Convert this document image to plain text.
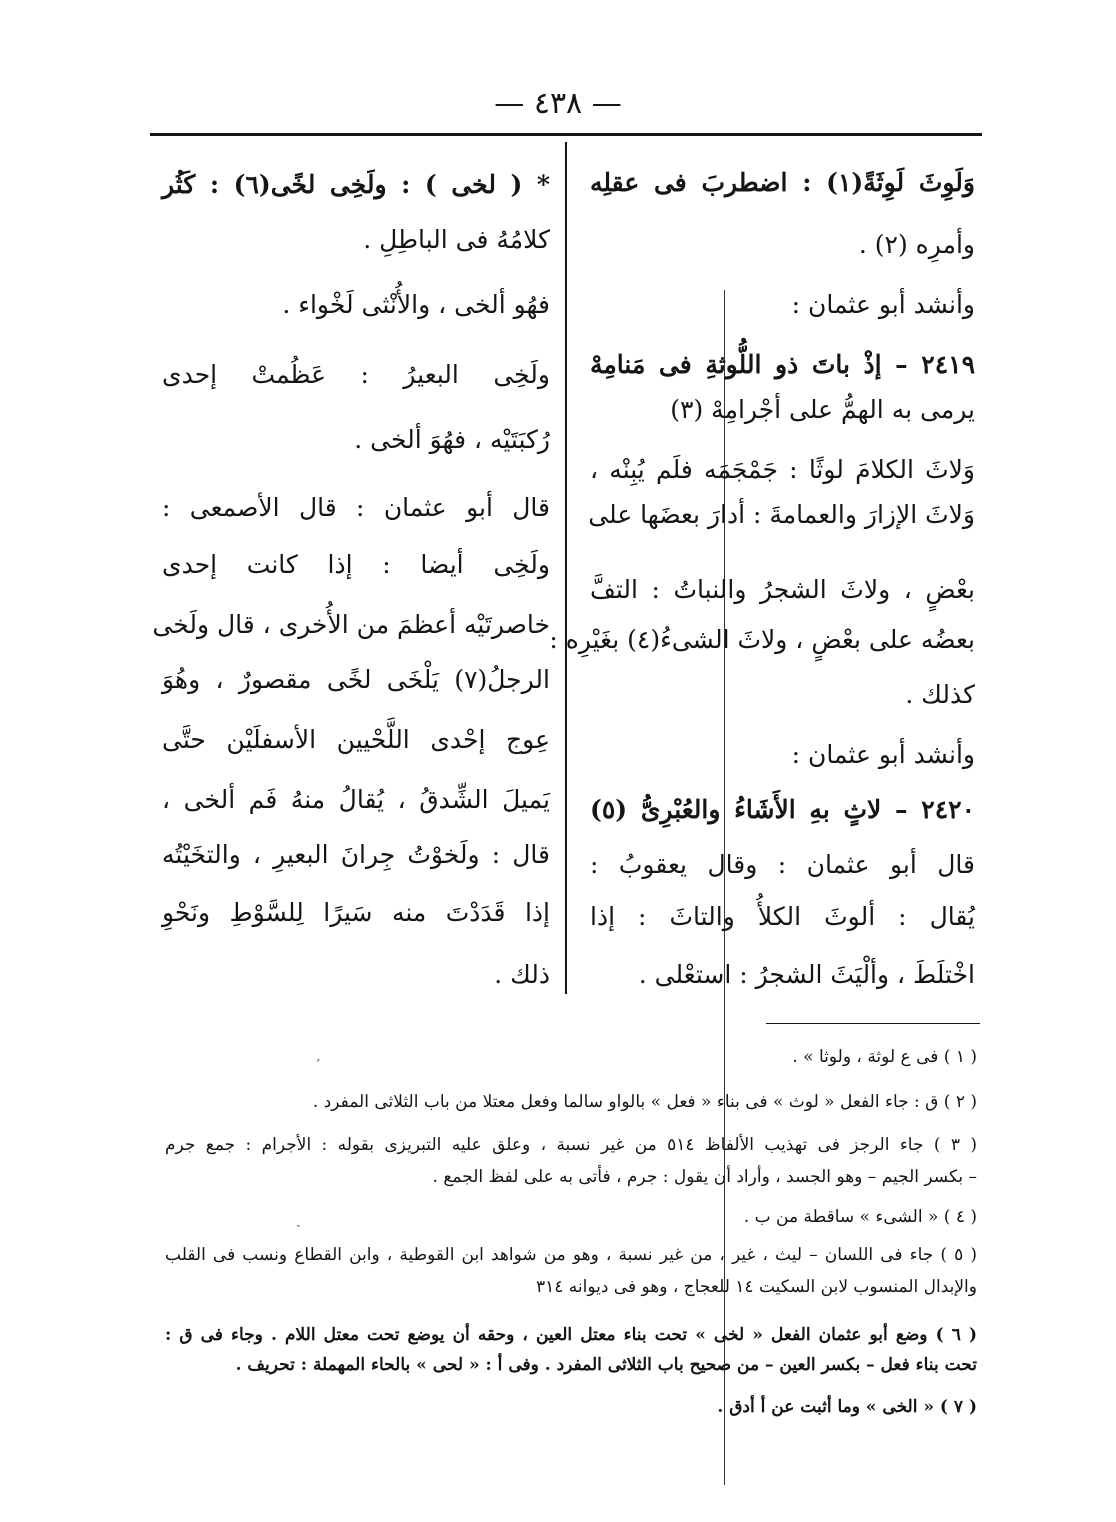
— ٤٣٨ —
وَلَوِثَ لَوِثَةً(١) : اضطربَ فى عقلِه
وأمرِه (٢) .
وأنشد أبو عثمان :
٢٤١٩ – إذْ باتَ ذو اللُّوثةِ فى مَنامِهْ
يرمى به الهمُّ على أجْرامِهْ (٣)
وَلاثَ الكلامَ لوثًا : جَمْجَمَه فلَم يُبِنْه ،
وَلاثَ الإزارَ والعمامةَ : أدارَ بعضَها على
بعْضٍ ، ولاثَ الشجرُ والنباتُ : التفَّ
بعضُه على بعْضٍ ، ولاثَ الشىءُ(٤) بغَيْرِه :
كذلك .
وأنشد أبو عثمان :
٢٤٢٠ – لاثٍ بهِ الأَشَاءُ والعُبْرِىُّ (٥)
قال أبو عثمان : وقال يعقوبُ :
يُقال : ألوثَ الكلأُ والتاثَ : إذا
اخْتلَطَ ، وألْيَثَ الشجرُ : استعْلى .
* ( لخى ) : ولَخِى لخًى(٦) : كَثُر
كلامُهُ فى الباطِلِ .
فهُو ألخى ، والأُنْثى لَخْواء .
ولَخِى البعيرُ : عَظُمتْ إحدى
رُكبَتَيْه ، فهُوَ ألخى .
قال أبو عثمان : قال الأصمعى :
ولَخِى أيضا : إذا كانت إحدى
خاصرتَيْه أعظمَ من الأُخرى ، قال ولَخى
الرجلُ(٧) يَلْخَى لخًى مقصورٌ ، وهُوَ
عِوج إحْدى اللَّحْيين الأسفلَيْن حتَّى
يَميلَ الشِّدقُ ، يُقالُ منهُ فَم ألخى ،
قال : ولَخوْتُ جِرانَ البعيرِ ، والتخَيْتُه
إذا قَدَدْتَ منه سَيرًا لِلسَّوْطِ ونَحْوِ
ذلك .
( ١ ) فى ع لوثة ، ولوثا » .
( ٢ ) ق : جاء الفعل « لوث » فى بناء « فعل » بالواو سالما وفعل معتلا من باب الثلاثى المفرد .
( ٣ ) جاء الرجز فى تهذيب الألفاظ ٥١٤ من غير نسبة ، وعلق عليه التبريزى بقوله : الأجرام : جمع جرم
– بكسر الجيم – وهو الجسد ، وأراد أن يقول : جرم ، فأتى به على لفظ الجمع .
( ٤ ) « الشىء » ساقطة من ب .
( ٥ ) جاء فى اللسان – ليث ، غير ، من غير نسبة ، وهو من شواهد ابن القوطية ، وابن القطاع ونسب فى القلب
والإبدال المنسوب لابن السكيت ١٤ للعجاج ، وهو فى ديوانه ٣١٤
( ٦ ) وضع أبو عثمان الفعل « لخى » تحت بناء معتل العين ، وحقه أن يوضع تحت معتل اللام . وجاء فى ق :
تحت بناء فعل – بكسر العين – من صحيح باب الثلاثى المفرد . وفى أ : « لحى » بالحاء المهملة : تحريف .
( ٧ ) « الخى » وما أثبت عن أ أدق .
ˊ
ˎ
